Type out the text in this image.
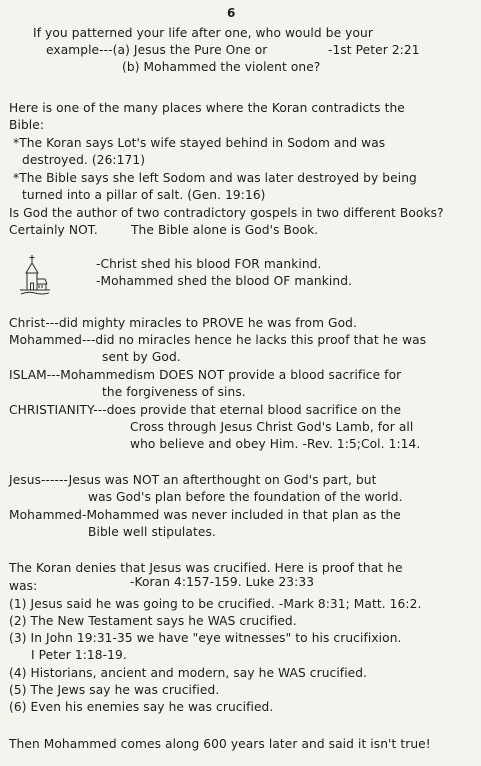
6
If you patterned your life after one, who would be your
example---(a) Jesus the Pure One or	-1st Peter 2:21
(b) Mohammed the violent one?
Here is one of the many places where the Koran contradicts the
Bible:
*The Koran says Lot's wife stayed behind in Sodom and was
destroyed. (26:171)
*The Bible says she left Sodom and was later destroyed by being
turned into a pillar of salt. (Gen. 19:16)
Is God the author of two contradictory gospels in two different Books?
Certainly NOT.	The Bible alone is God's Book.
-Christ shed his blood FOR mankind.
-Mohammed shed the blood OF mankind.
Christ---did mighty miracles to PROVE he was from God.
Mohammed---did no miracles hence he lacks this proof that he was
sent by God.
ISLAM---Mohammedism DOES NOT provide a blood sacrifice for
the forgiveness of sins.
CHRISTIANITY---does provide that eternal blood sacrifice on the
Cross through Jesus Christ God's Lamb, for all
who believe and obey Him. -Rev. 1:5;Col. 1:14.
Jesus------Jesus was NOT an afterthought on God's part, but
was God's plan before the foundation of the world.
Mohammed-Mohammed was never included in that plan as the
Bible well stipulates.
The Koran denies that Jesus was crucified. Here is proof that he
was:	-Koran 4:157-159. Luke 23:33
(1) Jesus said he was going to be crucified. -Mark 8:31; Matt. 16:2.
(2) The New Testament says he WAS crucified.
(3) In John 19:31-35 we have "eye witnesses" to his crucifixion.
I Peter 1:18-19.
(4) Historians, ancient and modern, say he WAS crucified.
(5) The Jews say he was crucified.
(6) Even his enemies say he was crucified.
Then Mohammed comes along 600 years later and said it isn't true!
